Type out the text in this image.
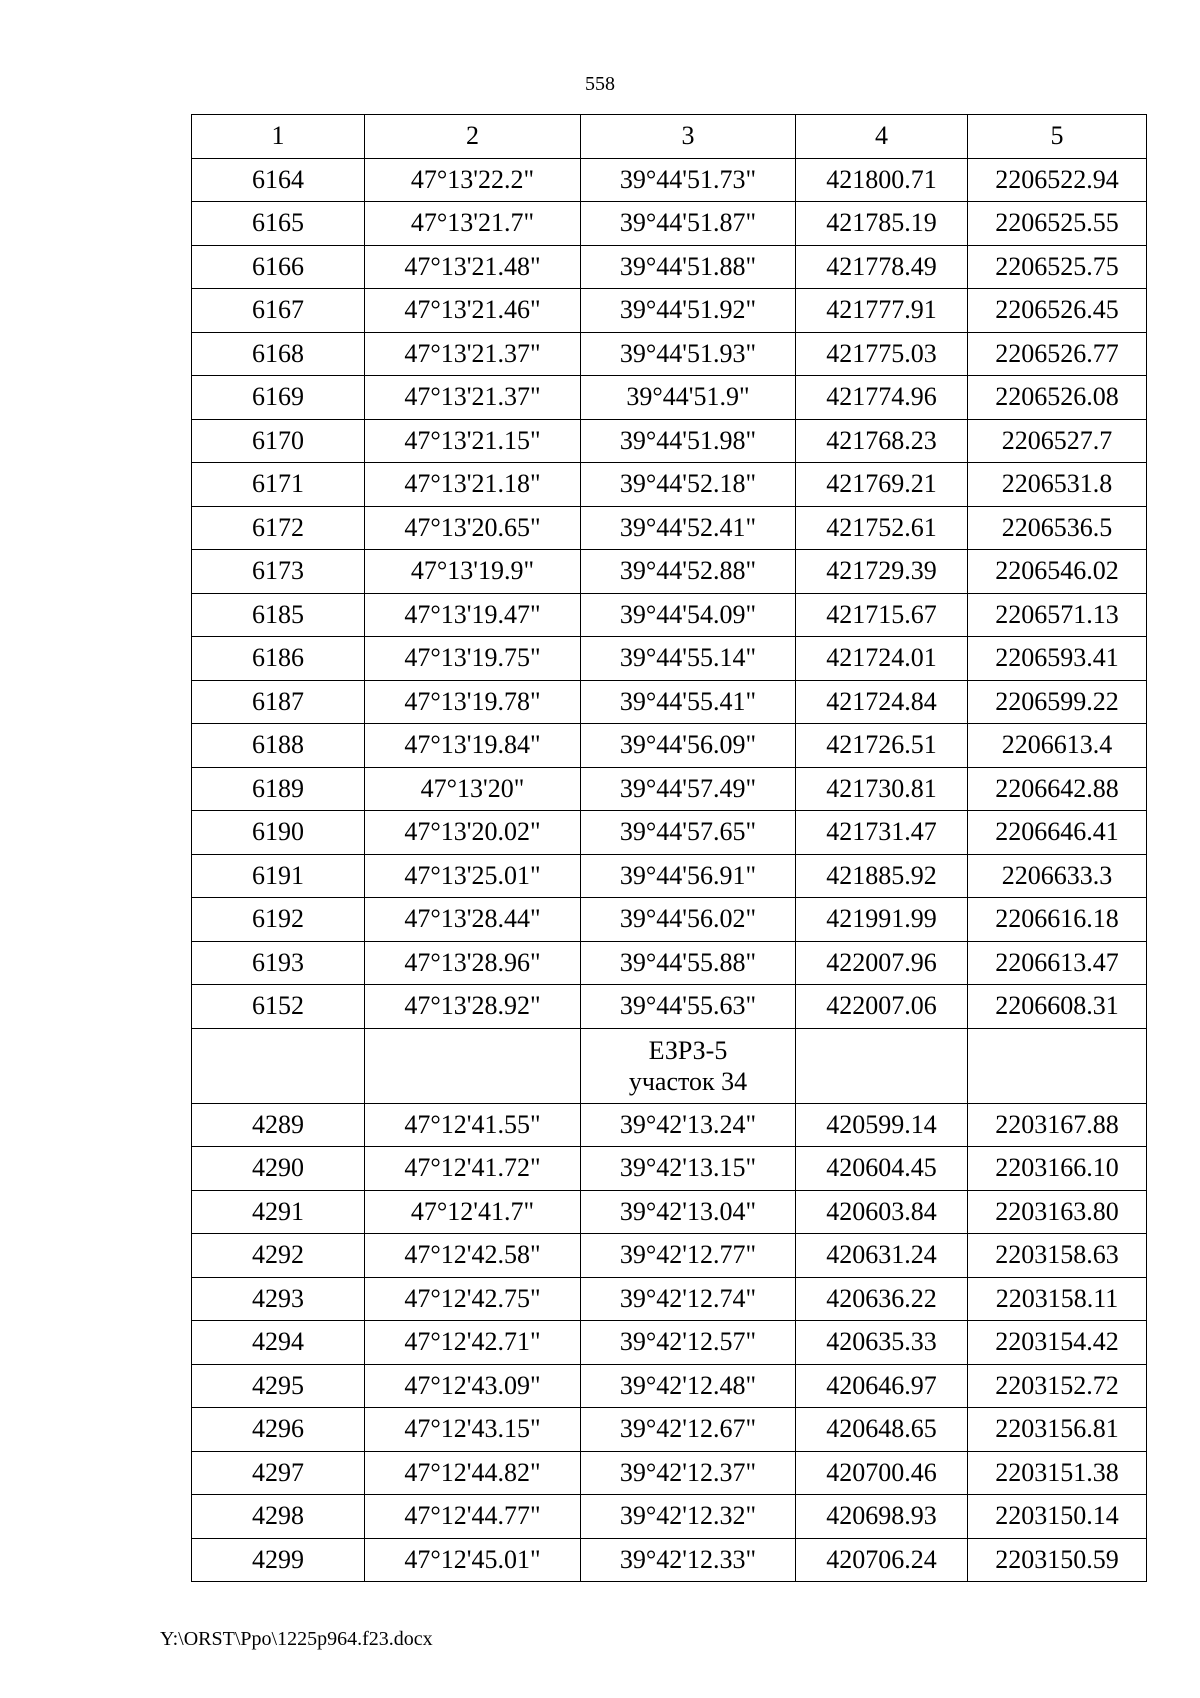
558
1	2	3	4	5
6164	47°13'22.2"	39°44'51.73"	421800.71	2206522.94
6165	47°13'21.7"	39°44'51.87"	421785.19	2206525.55
6166	47°13'21.48"	39°44'51.88"	421778.49	2206525.75
6167	47°13'21.46"	39°44'51.92"	421777.91	2206526.45
6168	47°13'21.37"	39°44'51.93"	421775.03	2206526.77
6169	47°13'21.37"	39°44'51.9"	421774.96	2206526.08
6170	47°13'21.15"	39°44'51.98"	421768.23	2206527.7
6171	47°13'21.18"	39°44'52.18"	421769.21	2206531.8
6172	47°13'20.65"	39°44'52.41"	421752.61	2206536.5
6173	47°13'19.9"	39°44'52.88"	421729.39	2206546.02
6185	47°13'19.47"	39°44'54.09"	421715.67	2206571.13
6186	47°13'19.75"	39°44'55.14"	421724.01	2206593.41
6187	47°13'19.78"	39°44'55.41"	421724.84	2206599.22
6188	47°13'19.84"	39°44'56.09"	421726.51	2206613.4
6189	47°13'20"	39°44'57.49"	421730.81	2206642.88
6190	47°13'20.02"	39°44'57.65"	421731.47	2206646.41
6191	47°13'25.01"	39°44'56.91"	421885.92	2206633.3
6192	47°13'28.44"	39°44'56.02"	421991.99	2206616.18
6193	47°13'28.96"	39°44'55.88"	422007.96	2206613.47
6152	47°13'28.92"	39°44'55.63"	422007.06	2206608.31

		ЕЗРЗ-5
участок 34		

4289	47°12'41.55"	39°42'13.24"	420599.14	2203167.88
4290	47°12'41.72"	39°42'13.15"	420604.45	2203166.10
4291	47°12'41.7"	39°42'13.04"	420603.84	2203163.80
4292	47°12'42.58"	39°42'12.77"	420631.24	2203158.63
4293	47°12'42.75"	39°42'12.74"	420636.22	2203158.11
4294	47°12'42.71"	39°42'12.57"	420635.33	2203154.42
4295	47°12'43.09"	39°42'12.48"	420646.97	2203152.72
4296	47°12'43.15"	39°42'12.67"	420648.65	2203156.81
4297	47°12'44.82"	39°42'12.37"	420700.46	2203151.38
4298	47°12'44.77"	39°42'12.32"	420698.93	2203150.14
4299	47°12'45.01"	39°42'12.33"	420706.24	2203150.59
Y:\ORST\Ppo\1225p964.f23.docx
